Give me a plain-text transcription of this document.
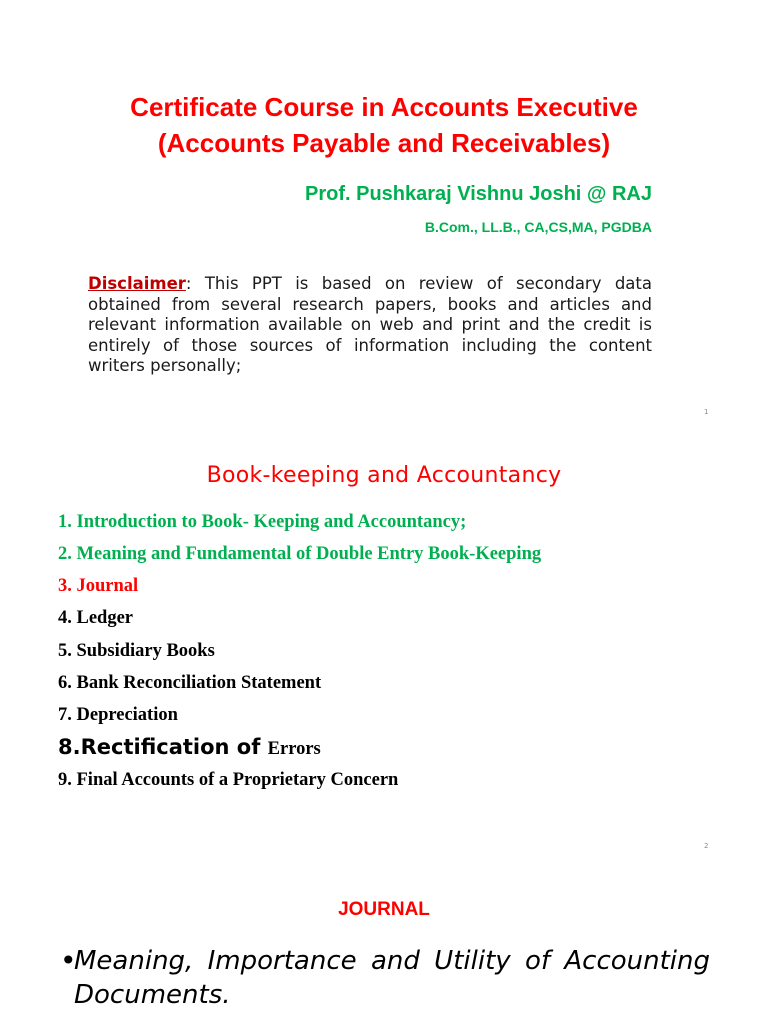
Certificate Course in Accounts Executive
(Accounts Payable and Receivables)
Prof. Pushkaraj Vishnu Joshi @ RAJ
B.Com., LL.B., CA,CS,MA, PGDBA
Disclaimer: This PPT is based on review of secondary data obtained from several research papers, books and articles and relevant information available on web and print and the credit is entirely of those sources of information including the content writers personally;
1
Book-keeping and Accountancy
1. Introduction to Book- Keeping and Accountancy;
2. Meaning and Fundamental of Double Entry Book-Keeping
3. Journal
4. Ledger
5. Subsidiary Books
6. Bank Reconciliation Statement
7. Depreciation
8.Rectification of Errors
9. Final Accounts of a Proprietary Concern
2
JOURNAL
•
Meaning, Importance and Utility of Accounting Documents.
